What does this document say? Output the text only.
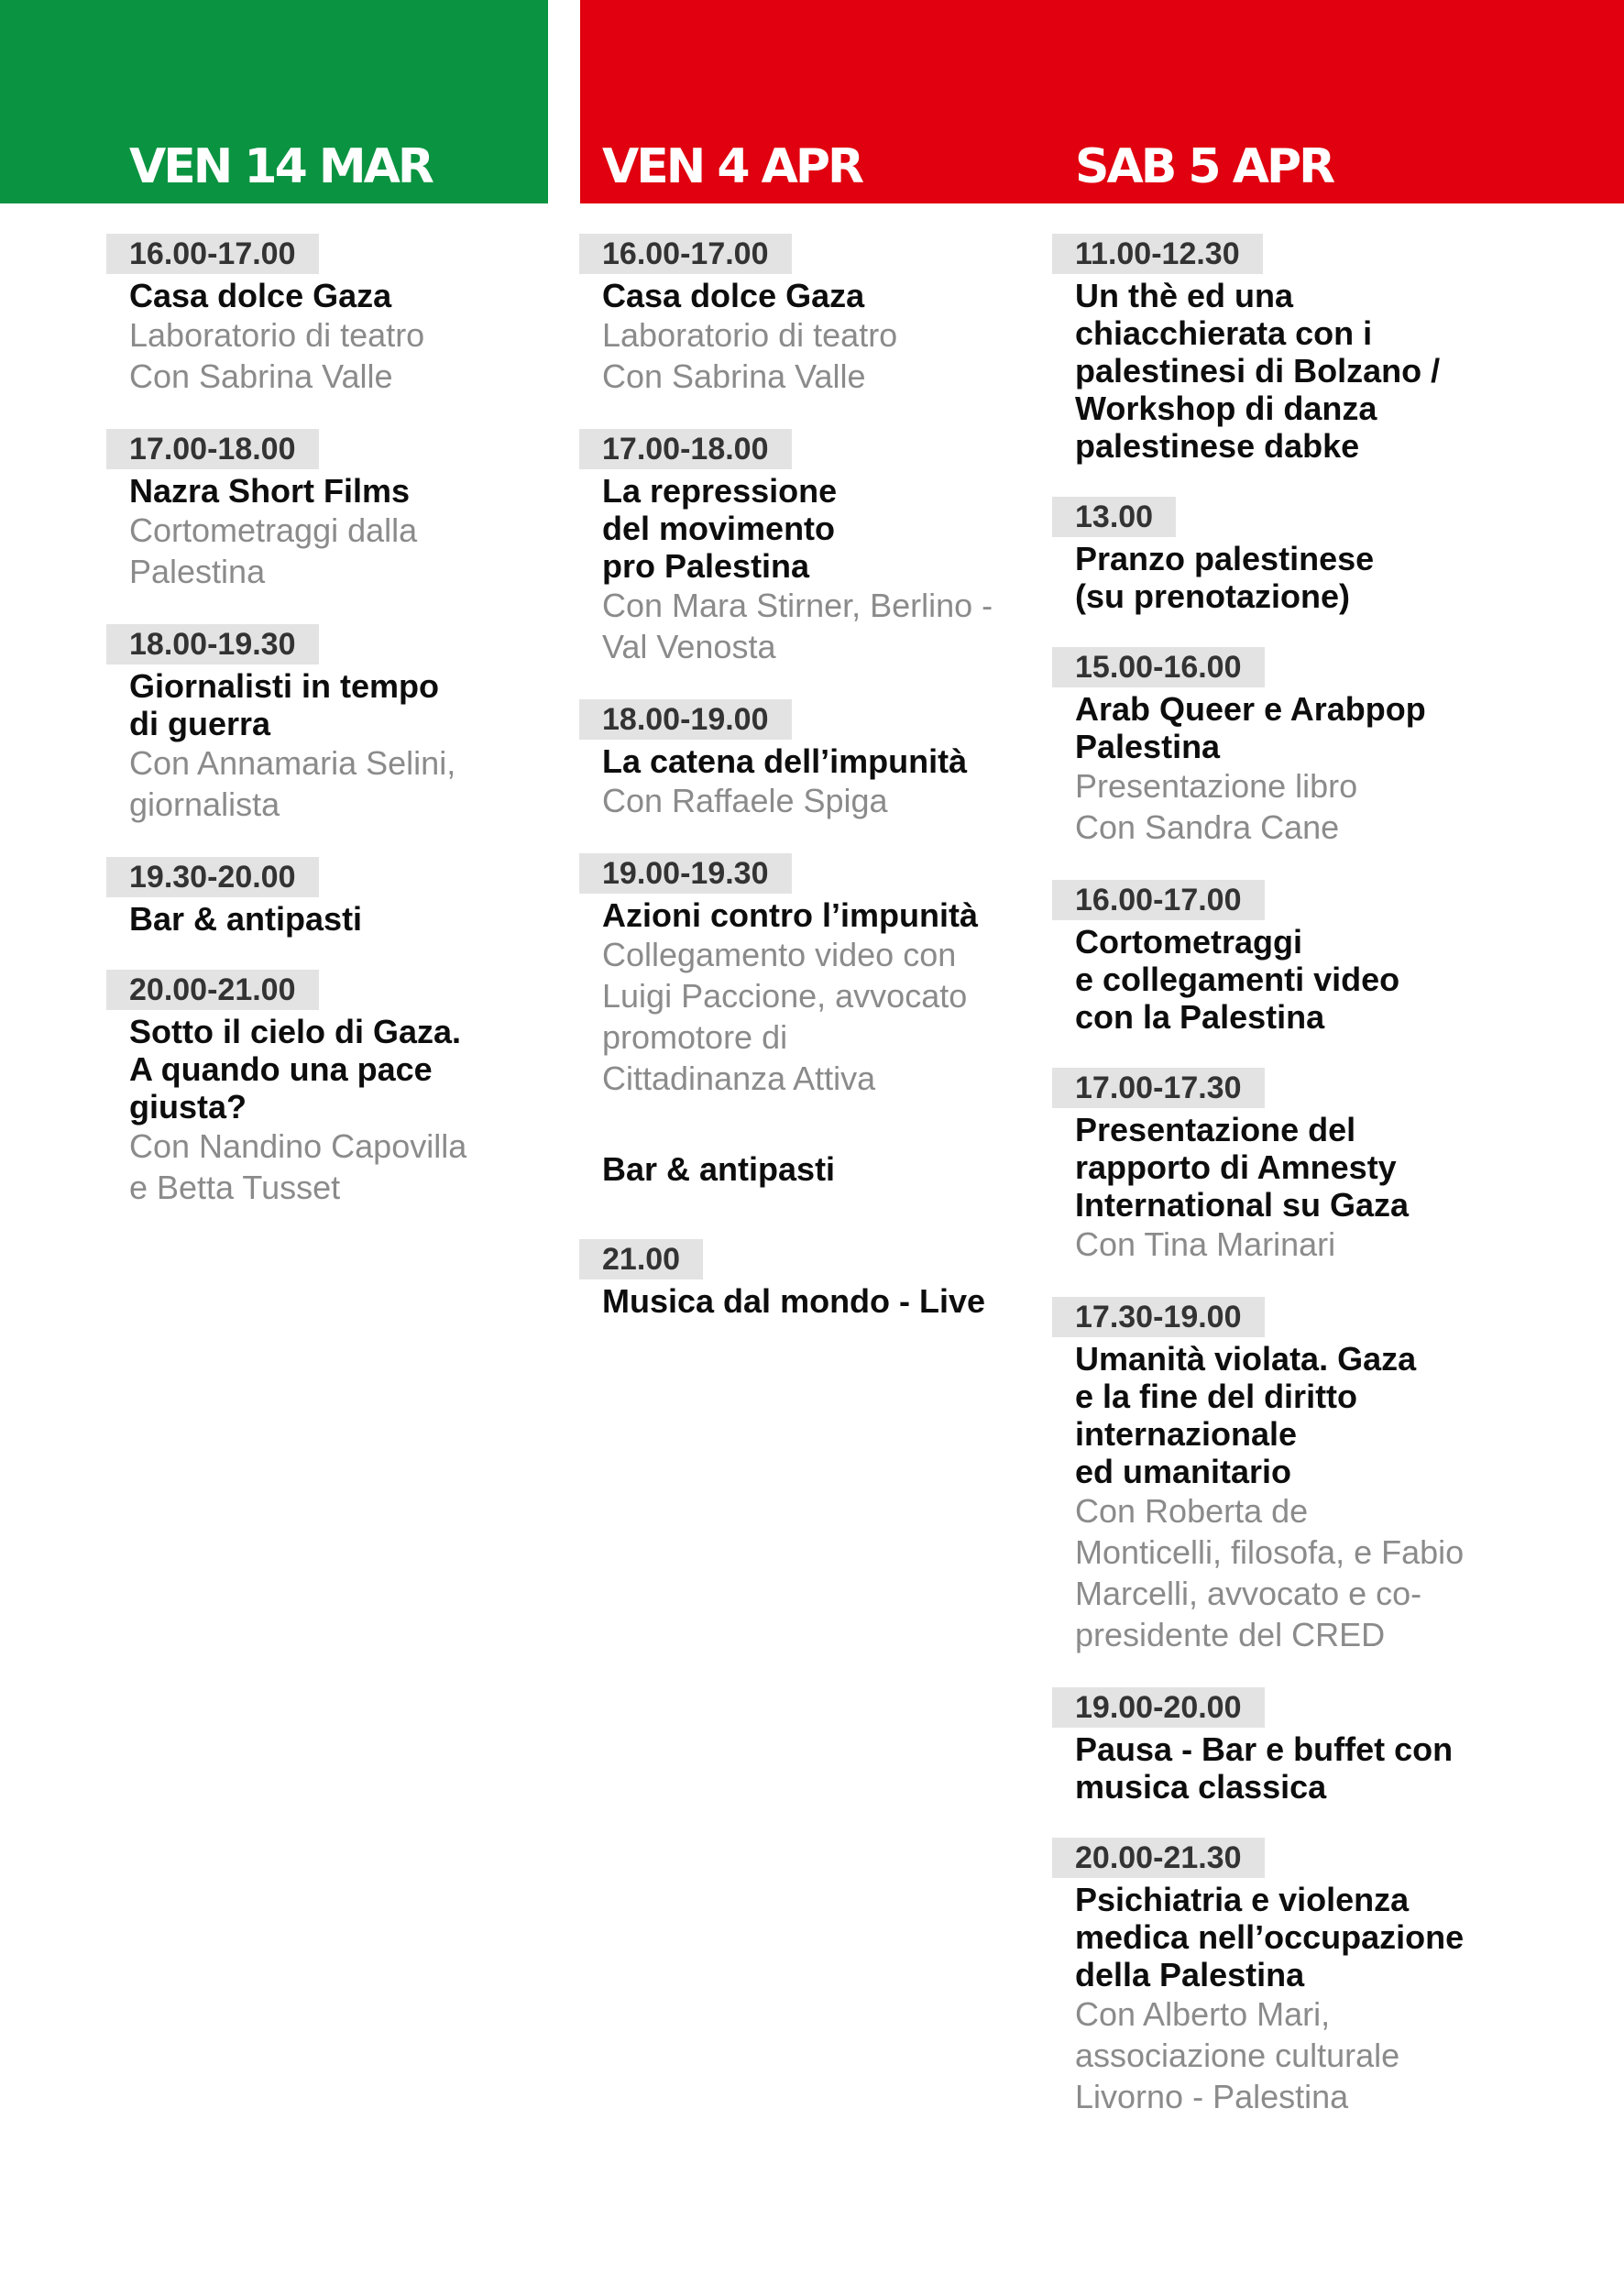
VEN 14 MAR	VEN 4 APR	SAB 5 APR
16.00-17.00
Casa dolce Gaza
Laboratorio di teatro
Con Sabrina Valle
17.00-18.00
Nazra Short Films
Cortometraggi dalla
Palestina
18.00-19.30
Giornalisti in tempo
di guerra
Con Annamaria Selini,
giornalista
19.30-20.00
Bar & antipasti
20.00-21.00
Sotto il cielo di Gaza.
A quando una pace
giusta?
Con Nandino Capovilla
e Betta Tusset
16.00-17.00
Casa dolce Gaza
Laboratorio di teatro
Con Sabrina Valle
17.00-18.00
La repressione
del movimento
pro Palestina
Con Mara Stirner, Berlino -
Val Venosta
18.00-19.00
La catena dell’impunità
Con Raffaele Spiga
19.00-19.30
Azioni contro l’impunità
Collegamento video con
Luigi Paccione, avvocato
promotore di
Cittadinanza Attiva
Bar & antipasti
21.00
Musica dal mondo - Live
11.00-12.30
Un thè ed una
chiacchierata con i
palestinesi di Bolzano /
Workshop di danza
palestinese dabke
13.00
Pranzo palestinese
(su prenotazione)
15.00-16.00
Arab Queer e Arabpop
Palestina
Presentazione libro
Con Sandra Cane
16.00-17.00
Cortometraggi
e collegamenti video
con la Palestina
17.00-17.30
Presentazione del
rapporto di Amnesty
International su Gaza
Con Tina Marinari
17.30-19.00
Umanità violata. Gaza
e la fine del diritto
internazionale
ed umanitario
Con Roberta de
Monticelli, filosofa, e Fabio
Marcelli, avvocato e co-
presidente del CRED
19.00-20.00
Pausa - Bar e buffet con
musica classica
20.00-21.30
Psichiatria e violenza
medica nell’occupazione
della Palestina
Con Alberto Mari,
associazione culturale
Livorno - Palestina
